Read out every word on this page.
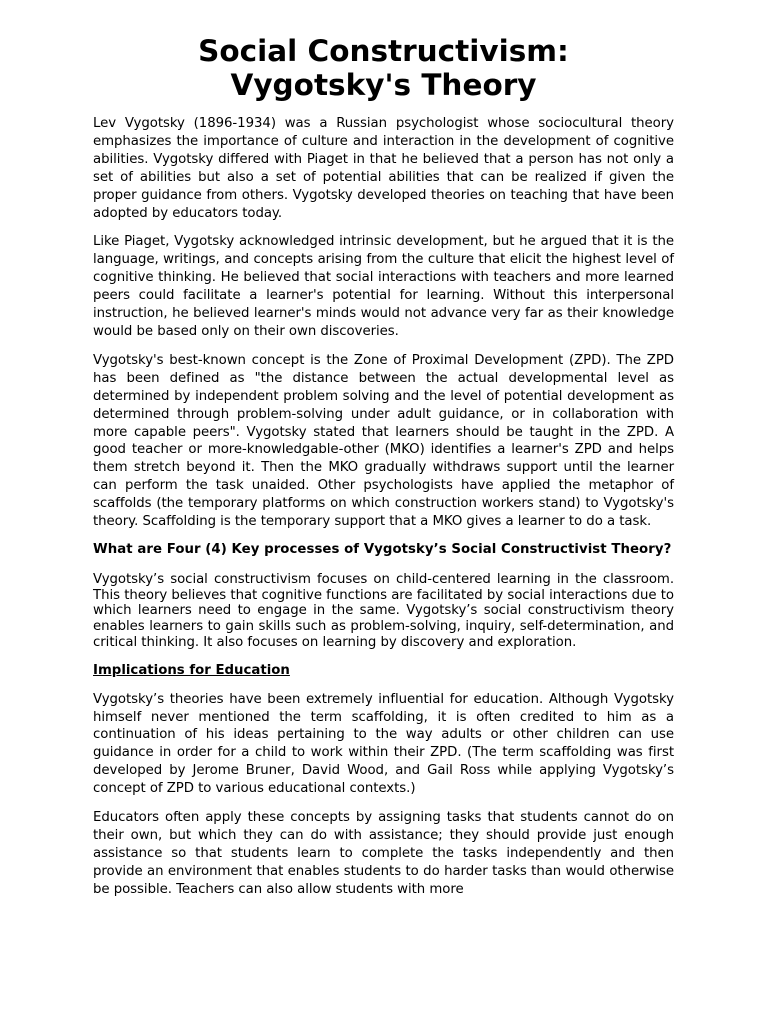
Social Constructivism:
Vygotsky's Theory

Lev Vygotsky (1896-1934) was a Russian psychologist whose sociocultural theory emphasizes the importance of culture and interaction in the development of cognitive abilities. Vygotsky differed with Piaget in that he believed that a person has not only a set of abilities but also a set of potential abilities that can be realized if given the proper guidance from others. Vygotsky developed theories on teaching that have been adopted by educators today.

Like Piaget, Vygotsky acknowledged intrinsic development, but he argued that it is the language, writings, and concepts arising from the culture that elicit the highest level of cognitive thinking. He believed that social interactions with teachers and more learned peers could facilitate a learner's potential for learning. Without this interpersonal instruction, he believed learner's minds would not advance very far as their knowledge would be based only on their own discoveries.

Vygotsky's best-known concept is the Zone of Proximal Development (ZPD). The ZPD has been defined as "the distance between the actual developmental level as determined by independent problem solving and the level of potential development as determined through problem-solving under adult guidance, or in collaboration with more capable peers". Vygotsky stated that learners should be taught in the ZPD. A good teacher or more-knowledgable-other (MKO) identifies a learner's ZPD and helps them stretch beyond it. Then the MKO gradually withdraws support until the learner can perform the task unaided. Other psychologists have applied the metaphor of scaffolds (the temporary platforms on which construction workers stand) to Vygotsky's theory. Scaffolding is the temporary support that a MKO gives a learner to do a task.

What are Four (4) Key processes of Vygotsky’s Social Constructivist Theory?

Vygotsky’s social constructivism focuses on child-centered learning in the classroom. This theory believes that cognitive functions are facilitated by social interactions due to which learners need to engage in the same. Vygotsky’s social constructivism theory enables learners to gain skills such as problem-solving, inquiry, self-determination, and critical thinking. It also focuses on learning by discovery and exploration.

Implications for Education

Vygotsky’s theories have been extremely influential for education. Although Vygotsky himself never mentioned the term scaffolding, it is often credited to him as a continuation of his ideas pertaining to the way adults or other children can use guidance in order for a child to work within their ZPD. (The term scaffolding was first developed by Jerome Bruner, David Wood, and Gail Ross while applying Vygotsky’s concept of ZPD to various educational contexts.)

Educators often apply these concepts by assigning tasks that students cannot do on their own, but which they can do with assistance; they should provide just enough assistance so that students learn to complete the tasks independently and then provide an environment that enables students to do harder tasks than would otherwise be possible. Teachers can also allow students with more
